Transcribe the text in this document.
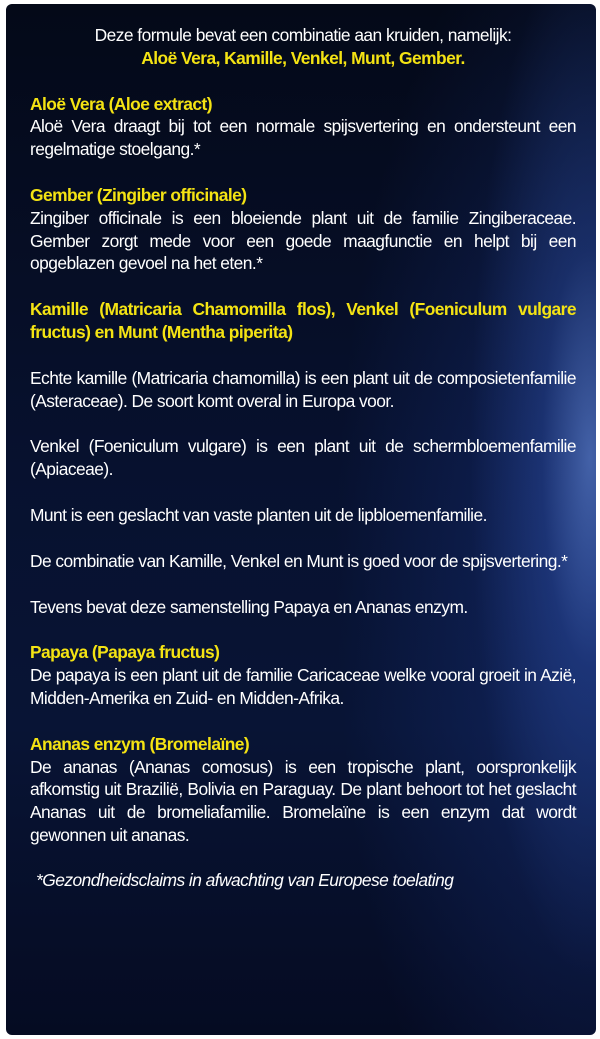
Deze formule bevat een combinatie aan kruiden, namelijk:
Aloë Vera, Kamille, Venkel, Munt, Gember.
Aloë Vera (Aloe extract)
Aloë Vera draagt bij tot een normale spijsvertering en ondersteunt een regelmatige stoelgang.*
Gember (Zingiber officinale)
Zingiber officinale is een bloeiende plant uit de familie Zingiberaceae. Gember zorgt mede voor een goede maagfunctie en helpt bij een opgeblazen gevoel na het eten.*
Kamille (Matricaria Chamomilla flos), Venkel (Foeniculum vulgare fructus) en Munt (Mentha piperita)
Echte kamille (Matricaria chamomilla) is een plant uit de composietenfamilie (Asteraceae). De soort komt overal in Europa voor.
Venkel (Foeniculum vulgare) is een plant uit de schermbloemenfamilie (Apiaceae).
Munt is een geslacht van vaste planten uit de lipbloemenfamilie.
De combinatie van Kamille, Venkel en Munt is goed voor de spijsvertering.*
Tevens bevat deze samenstelling Papaya en Ananas enzym.
Papaya (Papaya fructus)
De papaya is een plant uit de familie Caricaceae welke vooral groeit in Azië, Midden-Amerika en Zuid- en Midden-Afrika.
Ananas enzym (Bromelaïne)
De ananas (Ananas comosus) is een tropische plant, oorspronkelijk afkomstig uit Brazilië, Bolivia en Paraguay. De plant behoort tot het geslacht Ananas uit de bromeliafamilie. Bromelaïne is een enzym dat wordt gewonnen uit ananas.
*Gezondheidsclaims in afwachting van Europese toelating
